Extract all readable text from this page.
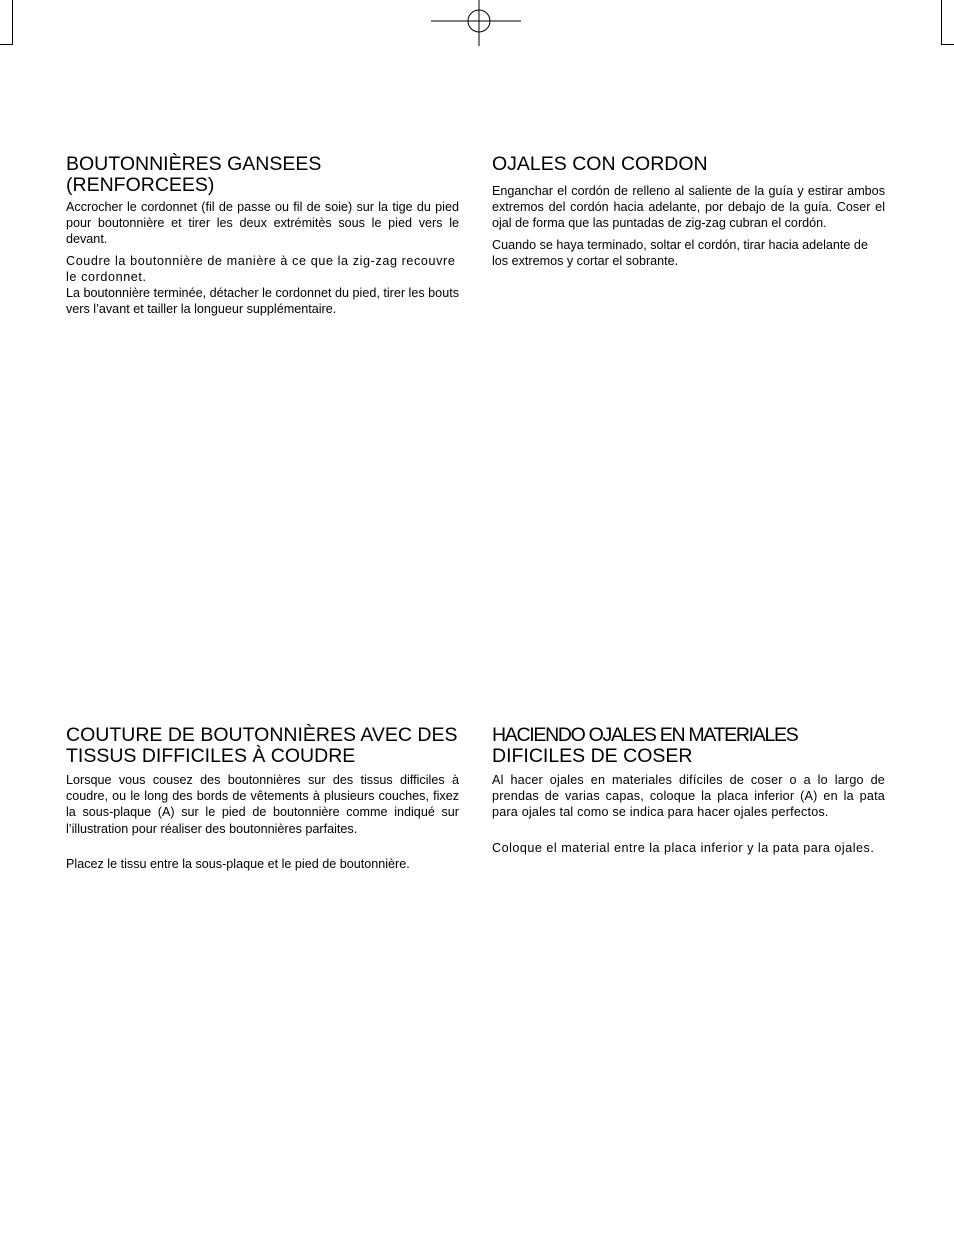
BOUTONNIÈRES GANSEES (RENFORCEES)

Accrocher le cordonnet (fil de passe ou fil de soie) sur la tige du pied pour boutonnière et tirer les deux extrémitès sous le pied vers le devant.

Coudre la boutonnière de manière à ce que la zig-zag recouvre le cordonnet.

La boutonnière terminée, détacher le cordonnet du pied, tirer les bouts vers l’avant et tailler la longueur supplémentaire.

OJALES CON CORDON

Enganchar el cordón de relleno al saliente de la guía y estirar ambos extremos del cordón hacia adelante, por debajo de la guía. Coser el ojal de forma que las puntadas de zig-zag cubran el cordón.

Cuando se haya terminado, soltar el cordón, tirar hacia adelante de los extremos y cortar el sobrante.

COUTURE DE BOUTONNIÈRES AVEC DES TISSUS DIFFICILES À COUDRE

Lorsque vous cousez des boutonnières sur des tissus difficiles à coudre, ou le long des bords de vêtements à plusieurs couches, fixez la sous-plaque (A) sur le pied de boutonnière comme indiqué sur l’illustration pour réaliser des boutonnières parfaites.

Placez le tissu entre la sous-plaque et le pied de boutonnière.

HACIENDO OJALES EN MATERIALES
DIFICILES DE COSER

Al hacer ojales en materiales difíciles de coser o a lo largo de prendas de varias capas, coloque la placa inferior (A) en la pata para ojales tal como se indica para hacer ojales perfectos.

Coloque el material entre la placa inferior y la pata para ojales.
